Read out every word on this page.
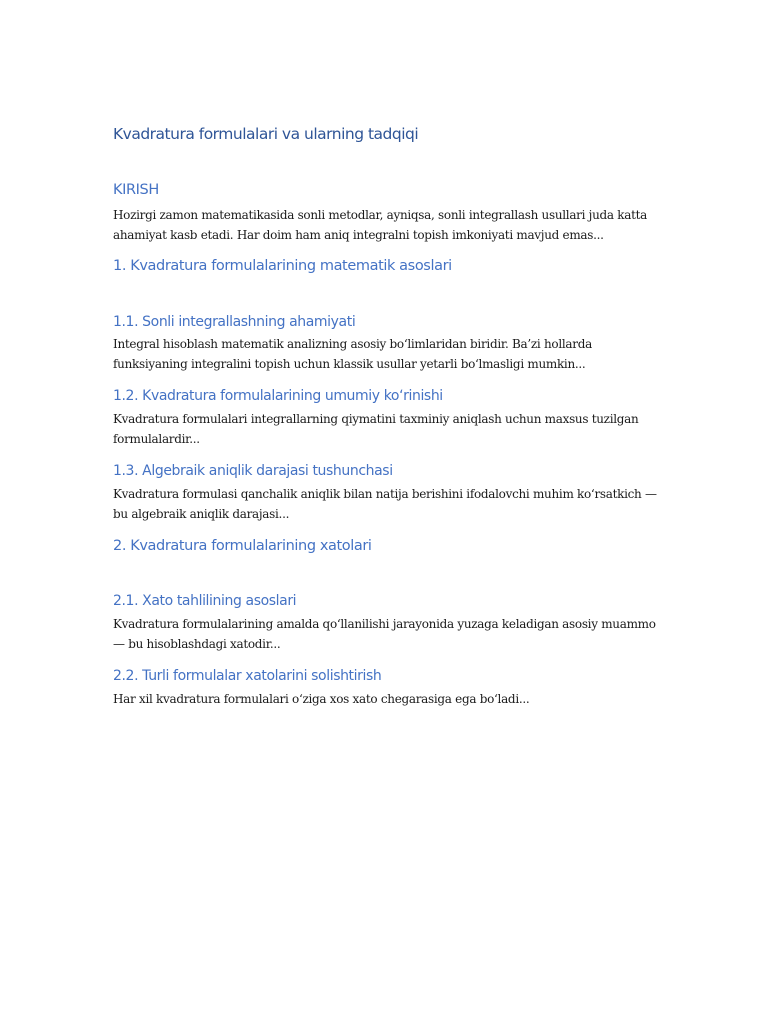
Kvadratura formulalari va ularning tadqiqi
KIRISH

Hozirgi zamon matematikasida sonli metodlar, ayniqsa, sonli integrallash usullari juda katta ahamiyat kasb etadi. Har doim ham aniq integralni topish imkoniyati mavjud emas...

1. Kvadratura formulalarining matematik asoslari
1.1. Sonli integrallashning ahamiyati

Integral hisoblash matematik analizning asosiy bo‘limlaridan biridir. Ba’zi hollarda funksiyaning integralini topish uchun klassik usullar yetarli bo‘lmasligi mumkin...

1.2. Kvadratura formulalarining umumiy ko‘rinishi

Kvadratura formulalari integrallarning qiymatini taxminiy aniqlash uchun maxsus tuzilgan formulalardir...

1.3. Algebraik aniqlik darajasi tushunchasi

Kvadratura formulasi qanchalik aniqlik bilan natija berishini ifodalovchi muhim ko‘rsatkich — bu algebraik aniqlik darajasi...

2. Kvadratura formulalarining xatolari
2.1. Xato tahlilining asoslari

Kvadratura formulalarining amalda qo‘llanilishi jarayonida yuzaga keladigan asosiy muammo — bu hisoblashdagi xatodir...

2.2. Turli formulalar xatolarini solishtirish

Har xil kvadratura formulalari o‘ziga xos xato chegarasiga ega bo‘ladi...
